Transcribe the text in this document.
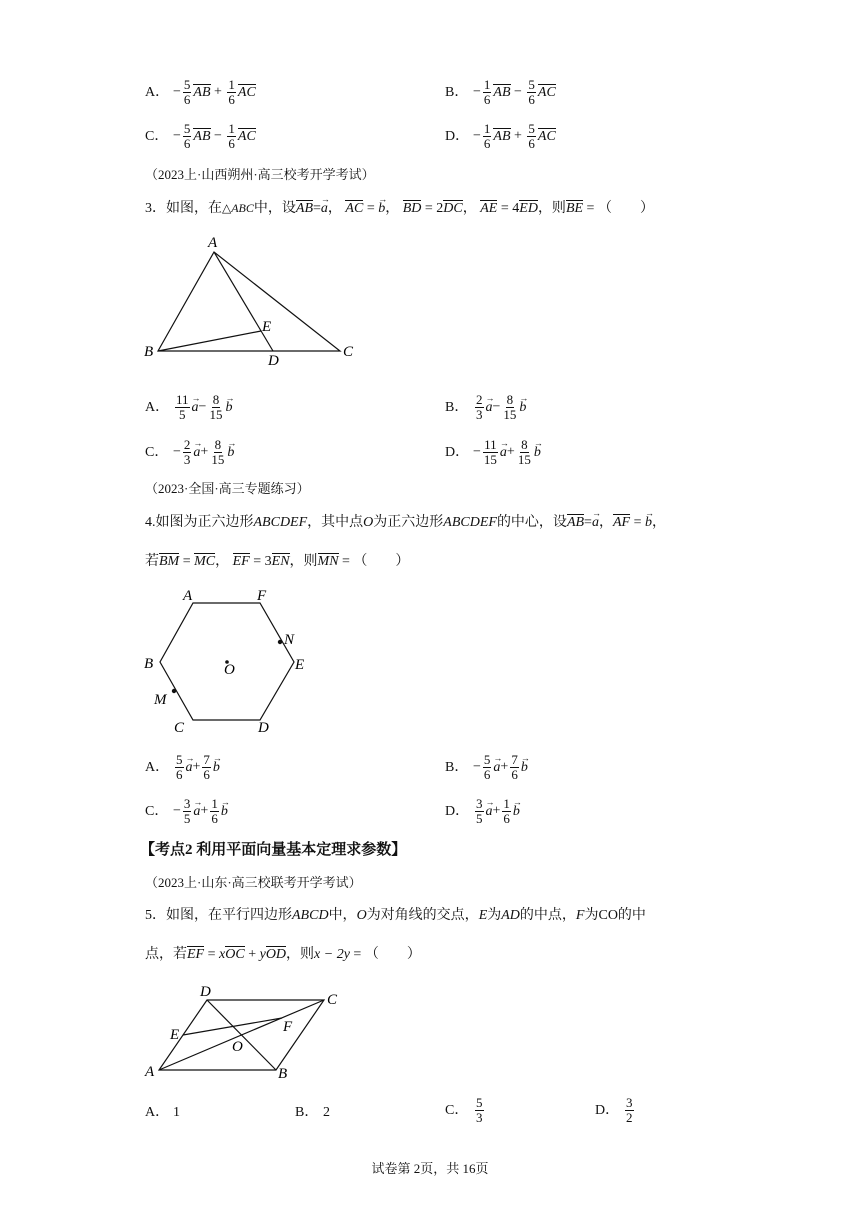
A． − $\frac{5}{6}$ AB + $\frac{1}{6}$ AC	B． − $\frac{1}{6}$ AB − $\frac{5}{6}$ AC
C． − $\frac{5}{6}$ AB − $\frac{1}{6}$ AC	D． − $\frac{1}{6}$ AB + $\frac{5}{6}$ AC
（2023上·山西朔州·高三校考开学考试）
3．如图，在△ABC中，设AB=→ a， AC = → b， BD = 2DC， AE = 4ED，则BE = （　　）
A
B	C
D
E
A． $\frac{11}{5}$
→ $a- \frac{8}{15}$
→ b	B． $\frac{2}{3}$
→ $a- \frac{8}{15}$
→ b
C． − $\frac{2}{3}$
→ $a+ \frac{8}{15}$
→ b	D． − $\frac{11}{15}$
→ $a+ \frac{8}{15}$
→ b
（2023·全国·高三专题练习）
4.如图为正六边形ABCDEF，其中点O为正六边形ABCDEF的中心，设AB=→ a，AF = → b，
若BM = MC， EF = 3EN，则MN = （　　）
A	F
B	E
C	D
N
M
O
A． $\frac{5}{6}$
→ $a+ \frac{7}{6}$
→ b	B． − $\frac{5}{6}$
→ $a+ \frac{7}{6}$
→ b
C． − $\frac{3}{5}$
→ $a+ \frac{1}{6}$
→ b	D． $\frac{3}{5}$
→ $a+ \frac{1}{6}$
→ b
【考点2 利用平面向量基本定理求参数】
（2023上·山东·高三校联考开学考试）
5．如图，在平行四边形ABCD中，O为对角线的交点，E为AD的中点，F为CO的中
点，若EF = xOC + yOD，则x − 2y = （　　）
D	C
E	F
O
A	B
A． 1	B． 2	C． $\frac{5}{3}$	D． $\frac{3}{2}$
试卷第 2页，共 16页
